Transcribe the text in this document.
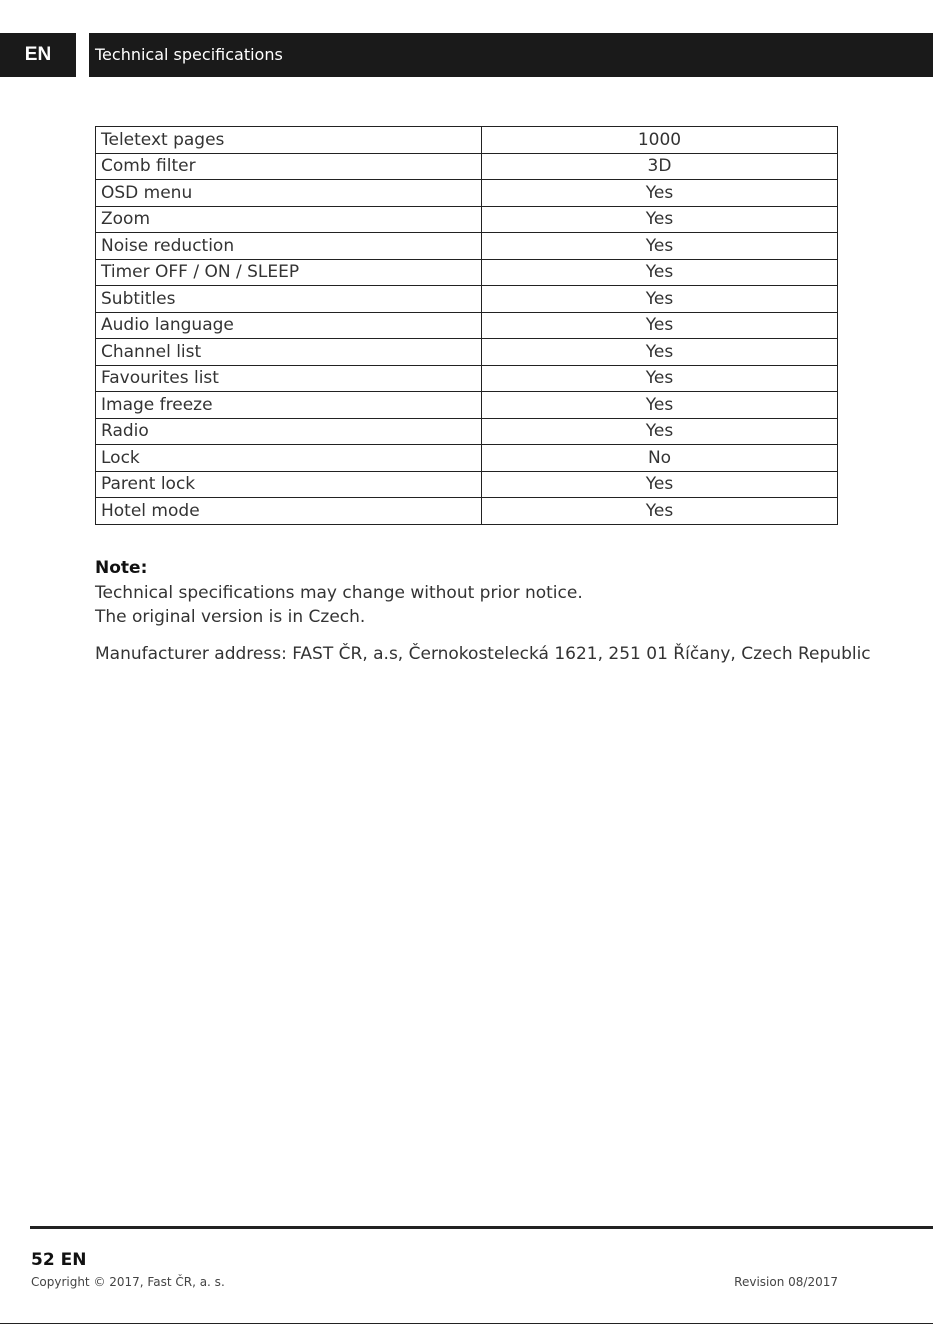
EN	Technical specifications
Teletext pages	1000
Comb filter	3D
OSD menu	Yes
Zoom	Yes
Noise reduction	Yes
Timer OFF / ON / SLEEP	Yes
Subtitles	Yes
Audio language	Yes
Channel list	Yes
Favourites list	Yes
Image freeze	Yes
Radio	Yes
Lock	No
Parent lock	Yes
Hotel mode	Yes
Note:
Technical specifications may change without prior notice.
The original version is in Czech.
Manufacturer address: FAST ČR, a.s, Černokostelecká 1621, 251 01 Říčany, Czech Republic
52 EN
Copyright © 2017, Fast ČR, a. s.	Revision 08/2017
